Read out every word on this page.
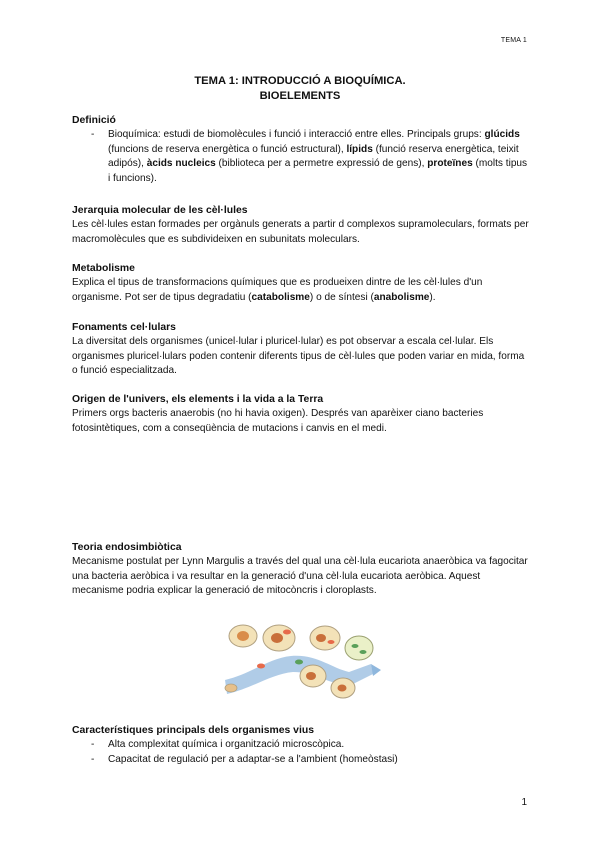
TEMA 1
TEMA 1: INTRODUCCIÓ A BIOQUÍMICA.
BIOELEMENTS
Definició
- Bioquímica: estudi de biomolècules i funció i interacció entre elles. Principals grups: glúcids (funcions de reserva energètica o funció estructural), lípids (funció reserva energètica, teixit adipós), àcids nucleics (biblioteca per a permetre expressió de gens), proteïnes (molts tipus i funcions).
Jerarquia molecular de les cèl·lules

Les cèl·lules estan formades per orgànuls generats a partir d complexos supramoleculars, formats per macromolècules que es subdivideixen en subunitats moleculars.

Metabolisme

Explica el tipus de transformacions químiques que es produeixen dintre de les cèl·lules d'un organisme. Pot ser de tipus degradatiu (catabolisme) o de síntesi (anabolisme).

Fonaments cel·lulars

La diversitat dels organismes (unicel·lular i pluricel·lular) es pot observar a escala cel·lular. Els organismes pluricel·lulars poden contenir diferents tipus de cèl·lules que poden variar en mida, forma o funció especialitzada.

Origen de l'univers, els elements i la vida a la Terra

Primers orgs bacteris anaerobis (no hi havia oxigen). Després van aparèixer ciano bacteries fotosintètiques, com a conseqüència de mutacions i canvis en el medi.

Teoria endosimbiòtica

Mecanisme postulat per Lynn Margulis a través del qual una cèl·lula eucariota anaeròbica va fagocitar una bacteria aeròbica i va resultar en la generació d'una cèl·lula eucariota aeròbica. Aquest mecanisme podria explicar la generació de mitocòncris i cloroplasts.

Característiques principals dels organismes vius
- Alta complexitat química i organització microscòpica.
- Capacitat de regulació per a adaptar-se a l'ambient (homeòstasi)
1
